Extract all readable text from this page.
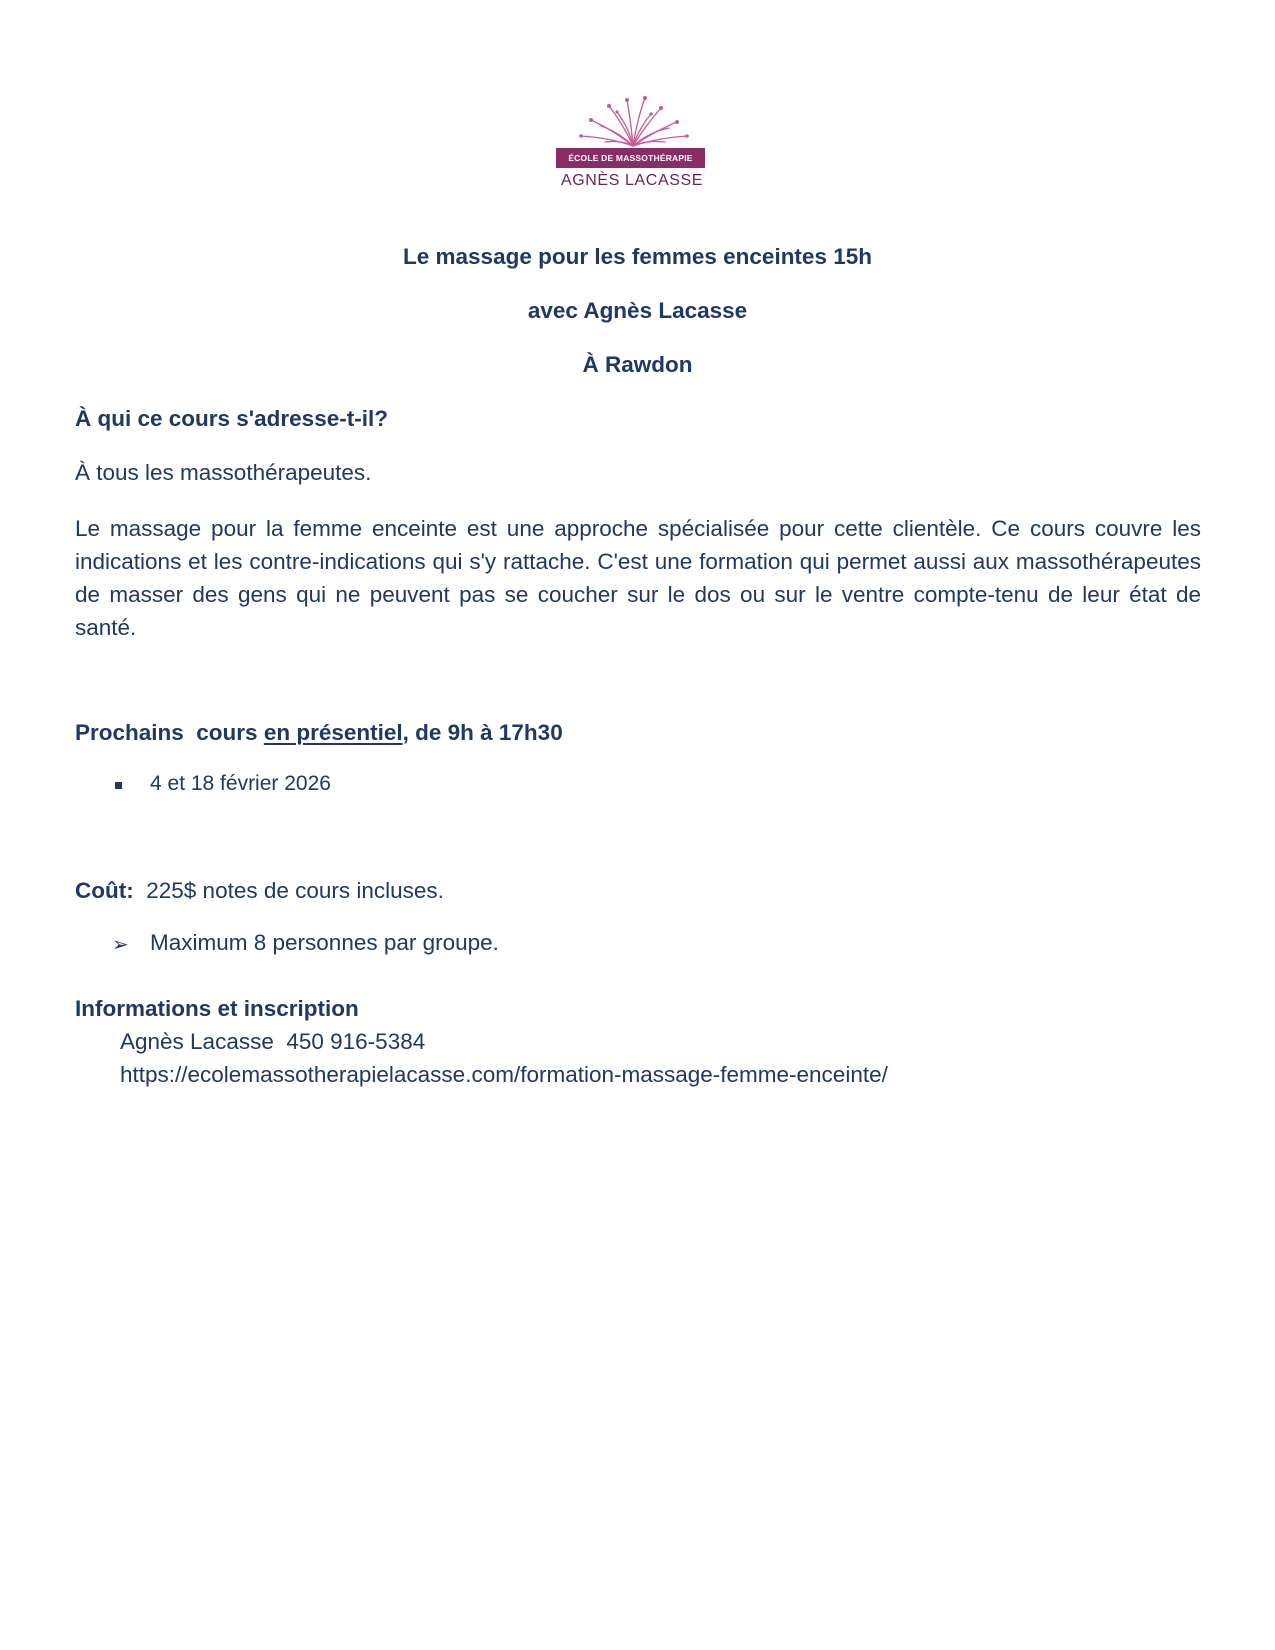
ÉCOLE DE MASSOTHÉRAPIE
AGNÈS LACASSE

Le massage pour les femmes enceintes 15h

avec Agnès Lacasse

À Rawdon

À qui ce cours s'adresse-t-il?

À tous les massothérapeutes.

Le massage pour la femme enceinte est une approche spécialisée pour cette clientèle. Ce cours couvre les indications et les contre-indications qui s'y rattache. C'est une formation qui permet aussi aux massothérapeutes de masser des gens qui ne peuvent pas se coucher sur le dos ou sur le ventre compte-tenu de leur état de santé.

Prochains  cours en présentiel, de 9h à 17h30

4 et 18 février 2026

Coût: 225$ notes de cours incluses.

➢ Maximum 8 personnes par groupe.

Informations et inscription

Agnès Lacasse  450 916-5384

https://ecolemassotherapielacasse.com/formation-massage-femme-enceinte/
